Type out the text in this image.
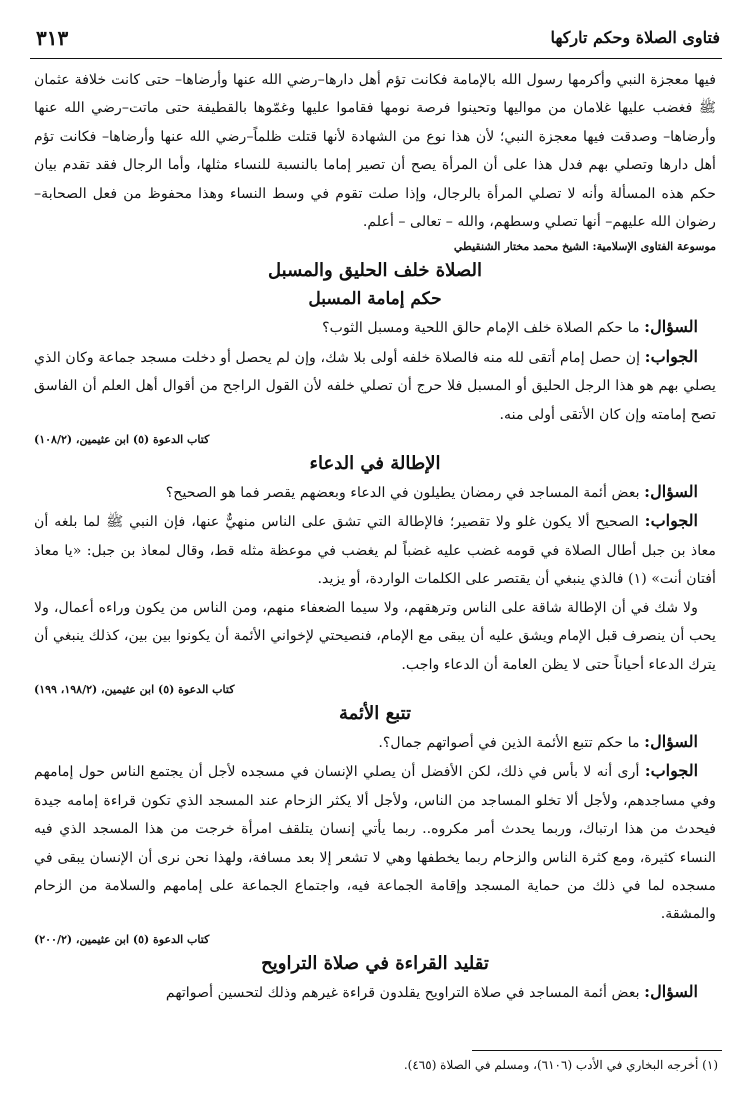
فتاوى الصلاة وحكم تاركها
٣١٣

فيها معجزة النبي وأكرمها رسول الله بالإمامة فكانت تؤم أهل دارها–رضي الله عنها وأرضاها– حتى كانت خلافة عثمان ﷺ فغضب عليها غلامان من مواليها وتحينوا فرصة نومها فقاموا عليها وغمّوها بالقطيفة حتى ماتت–رضي الله عنها وأرضاها– وصدقت فيها معجزة النبي؛ لأن هذا نوع من الشهادة لأنها قتلت ظلماً–رضي الله عنها وأرضاها– فكانت تؤم أهل دارها وتصلي بهم فدل هذا على أن المرأة يصح أن تصير إماما بالنسبة للنساء مثلها، وأما الرجال فقد تقدم بيان حكم هذه المسألة وأنه لا تصلي المرأة بالرجال، وإذا صلت تقوم في وسط النساء وهذا محفوظ من فعل الصحابة–رضوان الله عليهم– أنها تصلي وسطهم، والله – تعالى – أعلم.

موسوعة الفتاوى الإسلامية: الشيخ محمد مختار الشنقيطي

الصلاة خلف الحليق والمسبل
حكم إمامة المسبل

السؤال: ما حكم الصلاة خلف الإمام حالق اللحية ومسبل الثوب؟

الجواب: إن حصل إمام أتقى لله منه فالصلاة خلفه أولى بلا شك، وإن لم يحصل أو دخلت مسجد جماعة وكان الذي يصلي بهم هو هذا الرجل الحليق أو المسبل فلا حرج أن تصلي خلفه لأن القول الراجح من أقوال أهل العلم أن الفاسق تصح إمامته وإن كان الأتقى أولى منه.

كتاب الدعوة (٥) ابن عثيمين، (١٠٨/٢)

الإطالة في الدعاء

السؤال: بعض أئمة المساجد في رمضان يطيلون في الدعاء وبعضهم يقصر فما هو الصحيح؟

الجواب: الصحيح ألا يكون غلو ولا تقصير؛ فالإطالة التي تشق على الناس منهيٌّ عنها، فإن النبي ﷺ لما بلغه أن معاذ بن جبل أطال الصلاة في قومه غضب عليه غضباً لم يغضب في موعظة مثله قط، وقال لمعاذ بن جبل: «يا معاذ أفتان أنت» (١) فالذي ينبغي أن يقتصر على الكلمات الواردة، أو يزيد.

ولا شك في أن الإطالة شاقة على الناس وترهقهم، ولا سيما الضعفاء منهم، ومن الناس من يكون وراءه أعمال، ولا يحب أن ينصرف قبل الإمام ويشق عليه أن يبقى مع الإمام، فنصيحتي لإخواني الأئمة أن يكونوا بين بين، كذلك ينبغي أن يترك الدعاء أحياناً حتى لا يظن العامة أن الدعاء واجب.

كتاب الدعوة (٥) ابن عثيمين، (١٩٨/٢، ١٩٩)

تتبع الأئمة

السؤال: ما حكم تتبع الأئمة الذين في أصواتهم جمال؟.

الجواب: أرى أنه لا بأس في ذلك، لكن الأفضل أن يصلي الإنسان في مسجده لأجل أن يجتمع الناس حول إمامهم وفي مساجدهم، ولأجل ألا تخلو المساجد من الناس، ولأجل ألا يكثر الزحام عند المسجد الذي تكون قراءة إمامه جيدة فيحدث من هذا ارتباك، وربما يحدث أمر مكروه.. ربما يأتي إنسان يتلقف امرأة خرجت من هذا المسجد الذي فيه النساء كثيرة، ومع كثرة الناس والزحام ربما يخطفها وهي لا تشعر إلا بعد مسافة، ولهذا نحن نرى أن الإنسان يبقى في مسجده لما في ذلك من حماية المسجد وإقامة الجماعة فيه، واجتماع الجماعة على إمامهم والسلامة من الزحام والمشقة.

كتاب الدعوة (٥) ابن عثيمين، (٢٠٠/٢)

تقليد القراءة في صلاة التراويح

السؤال: بعض أئمة المساجد في صلاة التراويح يقلدون قراءة غيرهم وذلك لتحسين أصواتهم

(١) أخرجه البخاري في الأدب (٦١٠٦)، ومسلم في الصلاة (٤٦٥).
